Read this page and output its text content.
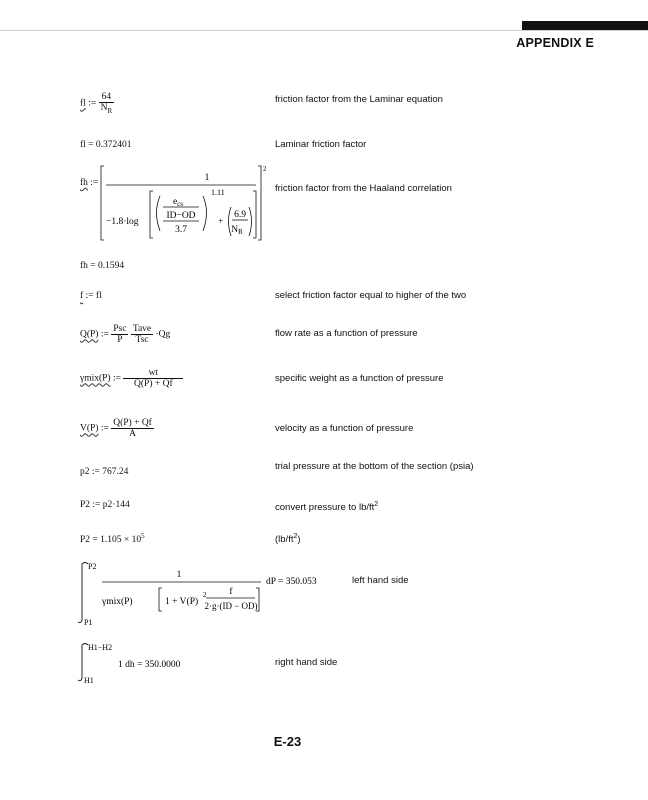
APPENDIX E
fl := $\frac{64}{N_R}$	friction factor from the Laminar equation
fl = 0.372401	Laminar friction factor
fh :=
2
1
−1.8·log
1.11
$e_{cs}$
ID−OD
3.7
+
6.9
$N_R$
friction factor from the Haaland correlation
fh = 0.1594
f := fl	select friction factor equal to higher of the two
Q(P) := $\frac{\text{Psc}}{P}$
$\frac{\text{Tave}}{\text{Tsc}} \cdot Qg$	flow rate as a function of pressure
γmix(P) := $\frac{wt}{Q(P) + Qf}$	specific weight as a function of pressure
V(P) := $\frac{Q(P) + Qf}{A}$	velocity as a function of pressure
p2 := 767.24	trial pressure at the bottom of the section (psia)
P2 := p2·144	convert pressure to $lb/ft^2$
$P2 = 1.105 \times 10^5$	$(lb/ft^2)$
P2
P1
1
γmix(P)	1 + V(P)
2 f
2·g·(ID − OD)
dP = 350.053	left hand side
H1−H2
H1
1 dh = 350.0000	right hand side
E-23
